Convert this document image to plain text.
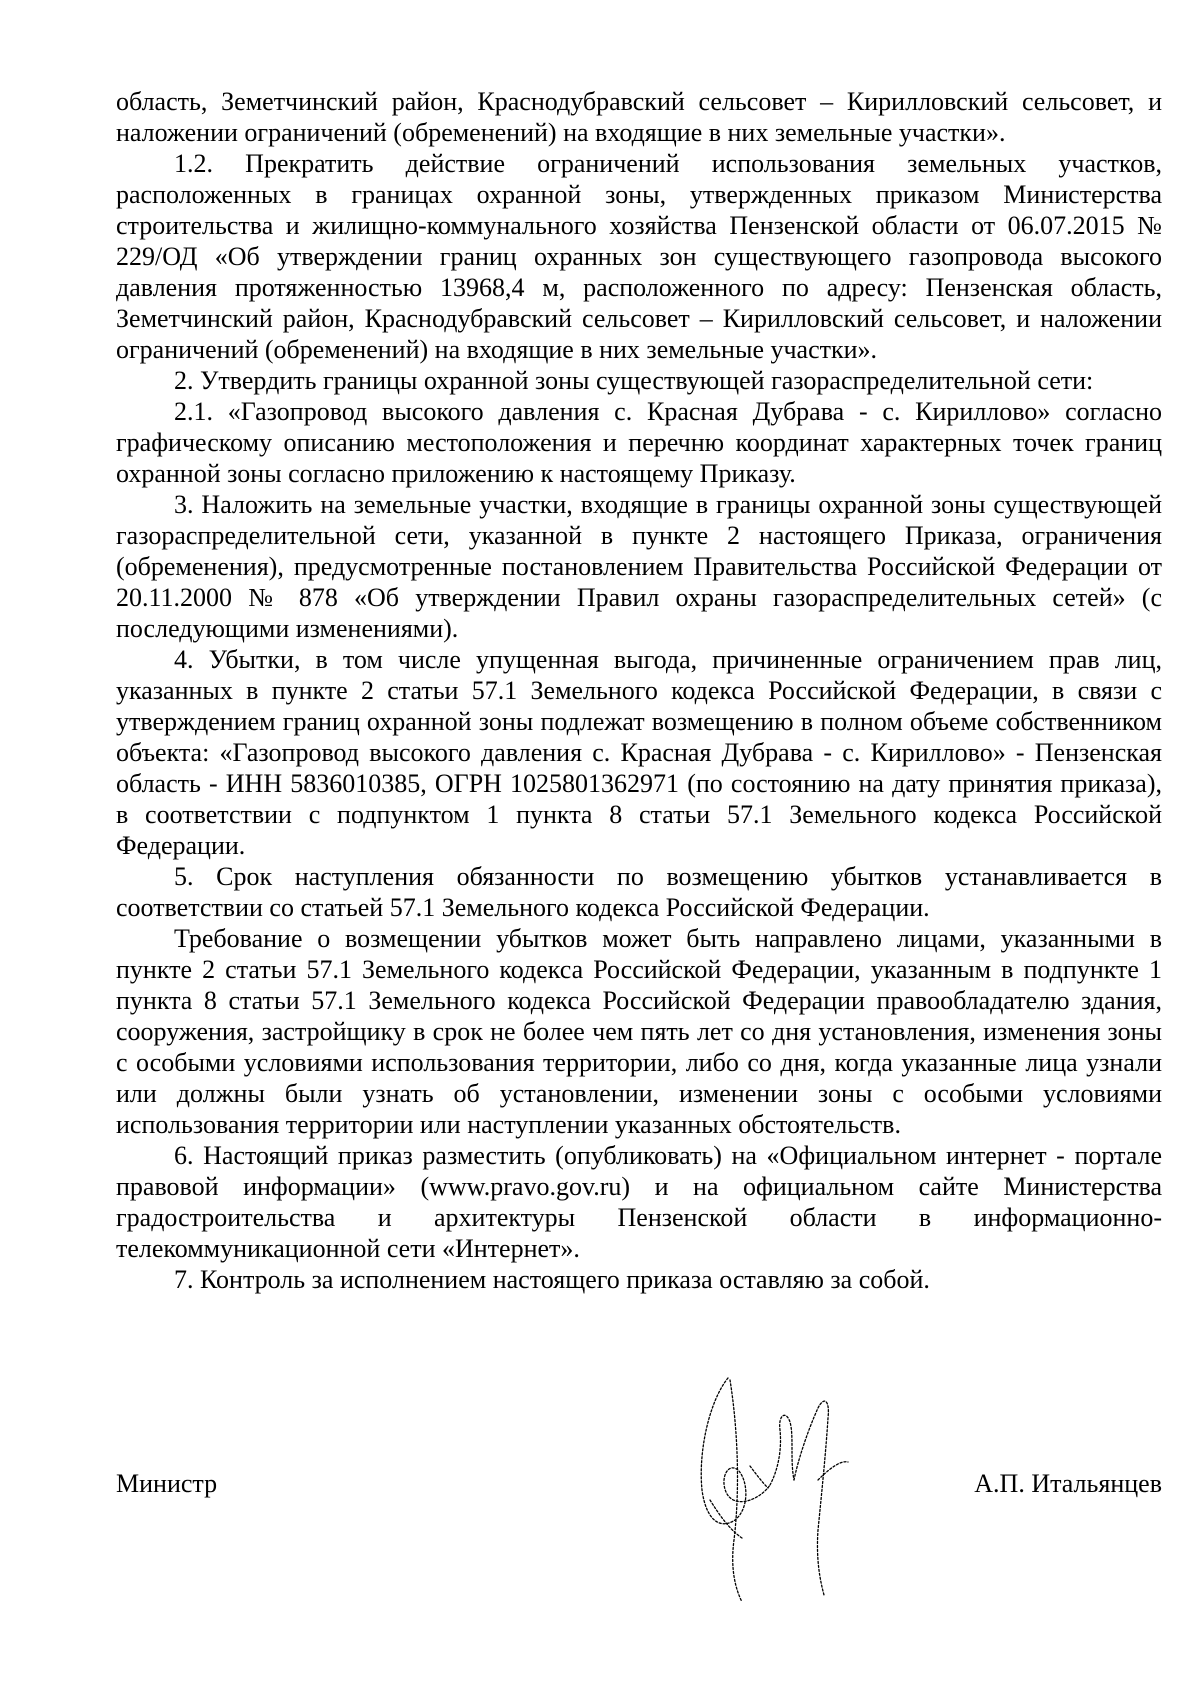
область, Земетчинский район, Краснодубравский сельсовет – Кирилловский сельсовет, и наложении ограничений (обременений) на входящие в них земельные участки».

1.2. Прекратить действие ограничений использования земельных участков, расположенных в границах охранной зоны, утвержденных приказом Министерства строительства и жилищно-коммунального хозяйства Пензенской области от 06.07.2015 № 229/ОД «Об утверждении границ охранных зон существующего газопровода высокого давления протяженностью 13968,4 м, расположенного по адресу: Пензенская область, Земетчинский район, Краснодубравский сельсовет – Кирилловский сельсовет, и наложении ограничений (обременений) на входящие в них земельные участки».

2. Утвердить границы охранной зоны существующей газораспределительной сети:

2.1. «Газопровод высокого давления с. Красная Дубрава - с. Кириллово» согласно графическому описанию местоположения и перечню координат характерных точек границ охранной зоны согласно приложению к настоящему Приказу.

3. Наложить на земельные участки, входящие в границы охранной зоны существующей газораспределительной сети, указанной в пункте 2 настоящего Приказа, ограничения (обременения), предусмотренные постановлением Правительства Российской Федерации от 20.11.2000 № 878 «Об утверждении Правил охраны газораспределительных сетей» (с последующими изменениями).

4. Убытки, в том числе упущенная выгода, причиненные ограничением прав лиц, указанных в пункте 2 статьи 57.1 Земельного кодекса Российской Федерации, в связи с утверждением границ охранной зоны подлежат возмещению в полном объеме собственником объекта: «Газопровод высокого давления с. Красная Дубрава - с. Кириллово» - Пензенская область - ИНН 5836010385, ОГРН 1025801362971 (по состоянию на дату принятия приказа), в соответствии с подпунктом 1 пункта 8 статьи 57.1 Земельного кодекса Российской Федерации.

5. Срок наступления обязанности по возмещению убытков устанавливается в соответствии со статьей 57.1 Земельного кодекса Российской Федерации.

Требование о возмещении убытков может быть направлено лицами, указанными в пункте 2 статьи 57.1 Земельного кодекса Российской Федерации, указанным в подпункте 1 пункта 8 статьи 57.1 Земельного кодекса Российской Федерации правообладателю здания, сооружения, застройщику в срок не более чем пять лет со дня установления, изменения зоны с особыми условиями использования территории, либо со дня, когда указанные лица узнали или должны были узнать об установлении, изменении зоны с особыми условиями использования территории или наступлении указанных обстоятельств.

6. Настоящий приказ разместить (опубликовать) на «Официальном интернет - портале правовой информации» (www.pravo.gov.ru) и на официальном сайте Министерства градостроительства и архитектуры Пензенской области в информационно-телекоммуникационной сети «Интернет».

7. Контроль за исполнением настоящего приказа оставляю за собой.

Министр	А.П. Итальянцев
